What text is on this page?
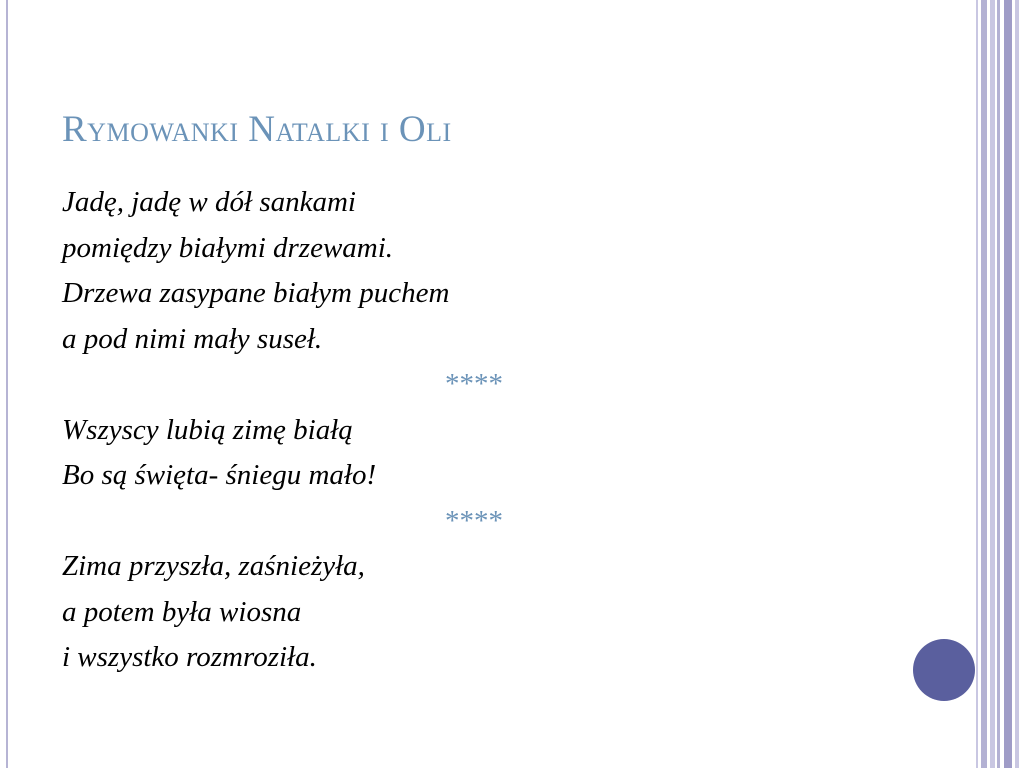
Rymowanki Natalki i Oli
Jadę, jadę w dół sankami
pomiędzy białymi drzewami.
Drzewa zasypane białym puchem
a pod nimi mały suseł.
****
Wszyscy lubią zimę białą
Bo są święta- śniegu mało!
****
Zima przyszła, zaśnieżyła,
a potem była wiosna
i wszystko rozmroziła.
